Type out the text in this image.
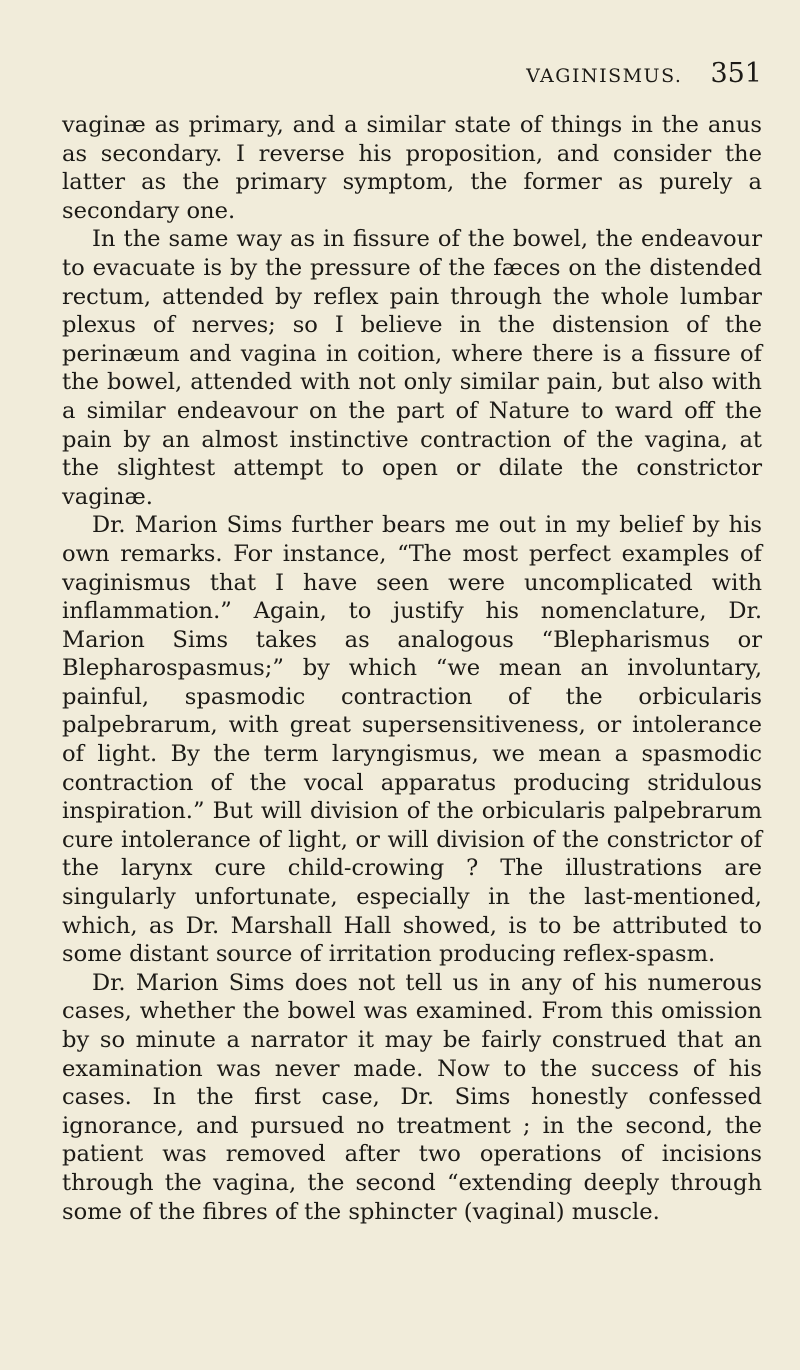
VAGINISMUS. 351

vaginæ as primary, and a similar state of things in the anus as secondary. I reverse his proposition, and consider the latter as the primary symptom, the former as purely a secondary one.

In the same way as in fissure of the bowel, the endeavour to evacuate is by the pressure of the fæces on the distended rectum, attended by reflex pain through the whole lumbar plexus of nerves; so I believe in the distension of the perinæum and vagina in coition, where there is a fissure of the bowel, attended with not only similar pain, but also with a similar endeavour on the part of Nature to ward off the pain by an almost instinctive contraction of the vagina, at the slightest attempt to open or dilate the constrictor vaginæ.

Dr. Marion Sims further bears me out in my belief by his own remarks. For instance, “The most perfect examples of vaginismus that I have seen were uncomplicated with inflammation.” Again, to justify his nomenclature, Dr. Marion Sims takes as analogous “Blepharismus or Blepharospasmus;” by which “we mean an involuntary, painful, spasmodic contraction of the orbicularis palpebrarum, with great supersensitiveness, or intolerance of light. By the term laryngismus, we mean a spasmodic contraction of the vocal apparatus producing stridulous inspiration.” But will division of the orbicularis palpebrarum cure intolerance of light, or will division of the constrictor of the larynx cure child-crowing ? The illustrations are singularly unfortunate, especially in the last-mentioned, which, as Dr. Marshall Hall showed, is to be attributed to some distant source of irritation producing reflex-spasm.

Dr. Marion Sims does not tell us in any of his numerous cases, whether the bowel was examined. From this omission by so minute a narrator it may be fairly construed that an examination was never made. Now to the success of his cases. In the first case, Dr. Sims honestly confessed ignorance, and pursued no treatment ; in the second, the patient was removed after two operations of incisions through the vagina, the second “extending deeply through some of the fibres of the sphincter (vaginal) muscle.
